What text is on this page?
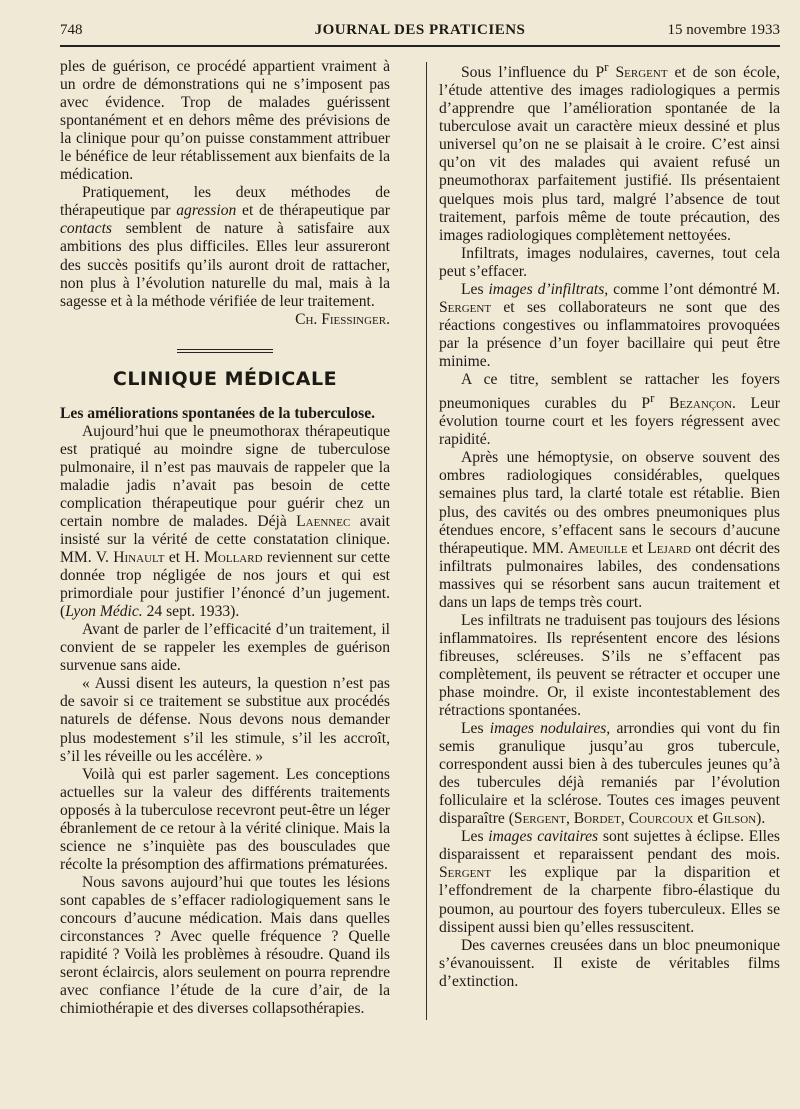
748	JOURNAL DES PRATICIENS	15 novembre 1933

ples de guérison, ce procédé appartient vraiment à un ordre de démonstrations qui ne s’imposent pas avec évidence. Trop de malades guérissent spontanément et en dehors même des prévisions de la clinique pour qu’on puisse constamment attribuer le bénéfice de leur rétablissement aux bienfaits de la médication.

Pratiquement, les deux méthodes de thérapeutique par agression et de thérapeutique par contacts semblent de nature à satisfaire aux ambitions des plus difficiles. Elles leur assureront des succès positifs qu’ils auront droit de rattacher, non plus à l’évolution naturelle du mal, mais à la sagesse et à la méthode vérifiée de leur traitement.

Ch. Fiessinger.

CLINIQUE MÉDICALE
Les améliorations spontanées de la tuberculose.

Aujourd’hui que le pneumothorax thérapeutique est pratiqué au moindre signe de tuberculose pulmonaire, il n’est pas mauvais de rappeler que la maladie jadis n’avait pas besoin de cette complication thérapeutique pour guérir chez un certain nombre de malades. Déjà Laennec avait insisté sur la vérité de cette constatation clinique. MM. V. Hinault et H. Mollard reviennent sur cette donnée trop négligée de nos jours et qui est primordiale pour justifier l’énoncé d’un jugement. (Lyon Médic. 24 sept. 1933).

Avant de parler de l’efficacité d’un traitement, il convient de se rappeler les exemples de guérison survenue sans aide.

« Aussi disent les auteurs, la question n’est pas de savoir si ce traitement se substitue aux procédés naturels de défense. Nous devons nous demander plus modestement s’il les stimule, s’il les accroît, s’il les réveille ou les accélère. »

Voilà qui est parler sagement. Les conceptions actuelles sur la valeur des différents traitements opposés à la tuberculose recevront peut-être un léger ébranlement de ce retour à la vérité clinique. Mais la science ne s’inquiète pas des bousculades que récolte la présomption des affirmations prématurées.

Nous savons aujourd’hui que toutes les lésions sont capables de s’effacer radiologiquement sans le concours d’aucune médication. Mais dans quelles circonstances ? Avec quelle fréquence ? Quelle rapidité ? Voilà les problèmes à résoudre. Quand ils seront éclaircis, alors seulement on pourra reprendre avec confiance l’étude de la cure d’air, de la chimiothérapie et des diverses collapsothérapies.

Sous l’influence du $P^r$ Sergent et de son école, l’étude attentive des images radiologiques a permis d’apprendre que l’amélioration spontanée de la tuberculose avait un caractère mieux dessiné et plus universel qu’on ne se plaisait à le croire. C’est ainsi qu’on vit des malades qui avaient refusé un pneumothorax parfaitement justifié. Ils présentaient quelques mois plus tard, malgré l’absence de tout traitement, parfois même de toute précaution, des images radiologiques complètement nettoyées.

Infiltrats, images nodulaires, cavernes, tout cela peut s’effacer.

Les images d’infiltrats, comme l’ont démontré M. Sergent et ses collaborateurs ne sont que des réactions congestives ou inflammatoires provoquées par la présence d’un foyer bacillaire qui peut être minime.

A ce titre, semblent se rattacher les foyers pneumoniques curables du $P^r$ Bezançon. Leur évolution tourne court et les foyers régressent avec rapidité.

Après une hémoptysie, on observe souvent des ombres radiologiques considérables, quelques semaines plus tard, la clarté totale est rétablie. Bien plus, des cavités ou des ombres pneumoniques plus étendues encore, s’effacent sans le secours d’aucune thérapeutique. MM. Ameuille et Lejard ont décrit des infiltrats pulmonaires labiles, des condensations massives qui se résorbent sans aucun traitement et dans un laps de temps très court.

Les infiltrats ne traduisent pas toujours des lésions inflammatoires. Ils représentent encore des lésions fibreuses, scléreuses. S’ils ne s’effacent pas complètement, ils peuvent se rétracter et occuper une phase moindre. Or, il existe incontestablement des rétractions spontanées.

Les images nodulaires, arrondies qui vont du fin semis granulique jusqu’au gros tubercule, correspondent aussi bien à des tubercules jeunes qu’à des tubercules déjà remaniés par l’évolution folliculaire et la sclérose. Toutes ces images peuvent disparaître (Sergent, Bordet, Courcoux et Gilson).

Les images cavitaires sont sujettes à éclipse. Elles disparaissent et reparaissent pendant des mois. Sergent les explique par la disparition et l’effondrement de la charpente fibro-élastique du poumon, au pourtour des foyers tuberculeux. Elles se dissipent aussi bien qu’elles ressuscitent.

Des cavernes creusées dans un bloc pneumonique s’évanouissent. Il existe de véritables films d’extinction.
